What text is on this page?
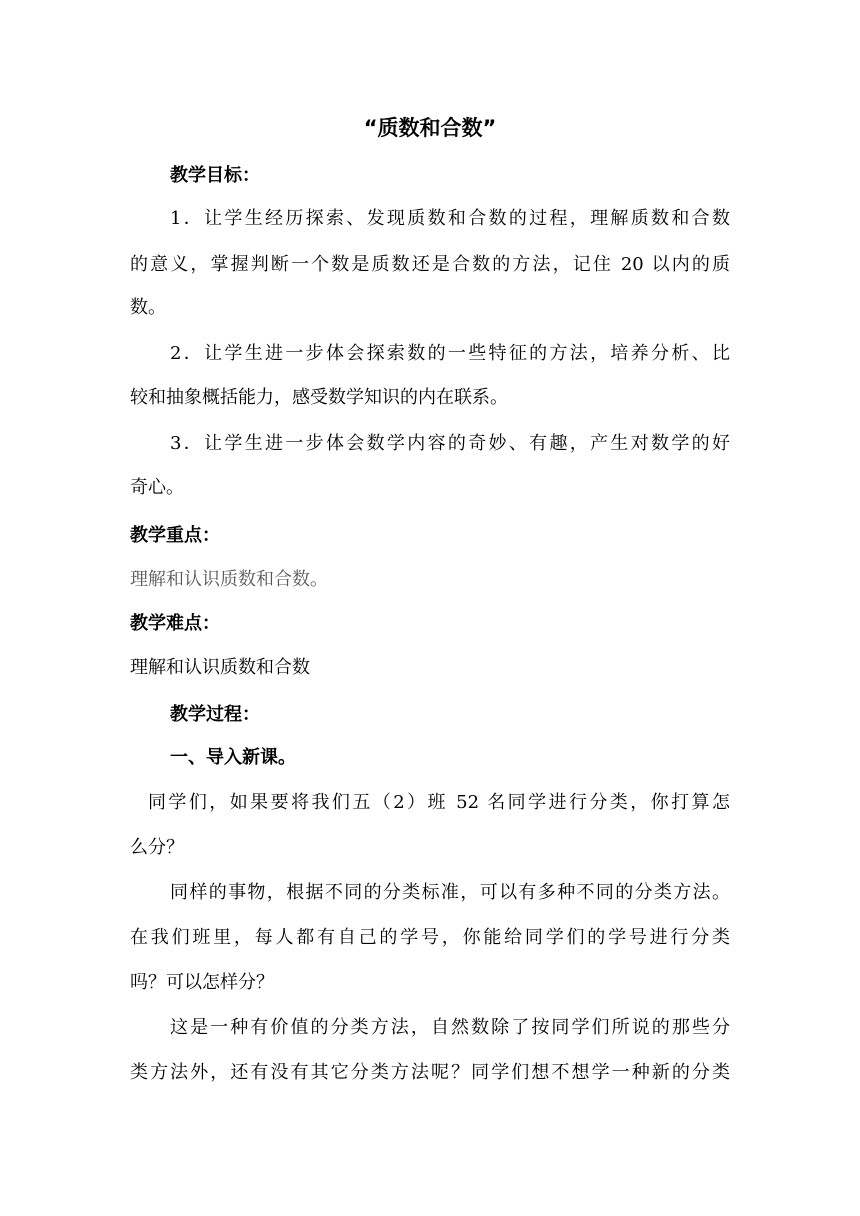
“质数和合数”
教学目标：
1．让学生经历探索、发现质数和合数的过程，理解质数和合数
的意义，掌握判断一个数是质数还是合数的方法，记住 20 以内的质
数。
2．让学生进一步体会探索数的一些特征的方法，培养分析、比
较和抽象概括能力，感受数学知识的内在联系。
3．让学生进一步体会数学内容的奇妙、有趣，产生对数学的好
奇心。
教学重点：
理解和认识质数和合数。
教学难点：
理解和认识质数和合数
教学过程：
一、导入新课。
同学们，如果要将我们五（2）班 52 名同学进行分类，你打算怎
么分？
同样的事物，根据不同的分类标准，可以有多种不同的分类方法。
在我们班里，每人都有自己的学号，你能给同学们的学号进行分类
吗？可以怎样分？
这是一种有价值的分类方法，自然数除了按同学们所说的那些分
类方法外，还有没有其它分类方法呢？同学们想不想学一种新的分类
